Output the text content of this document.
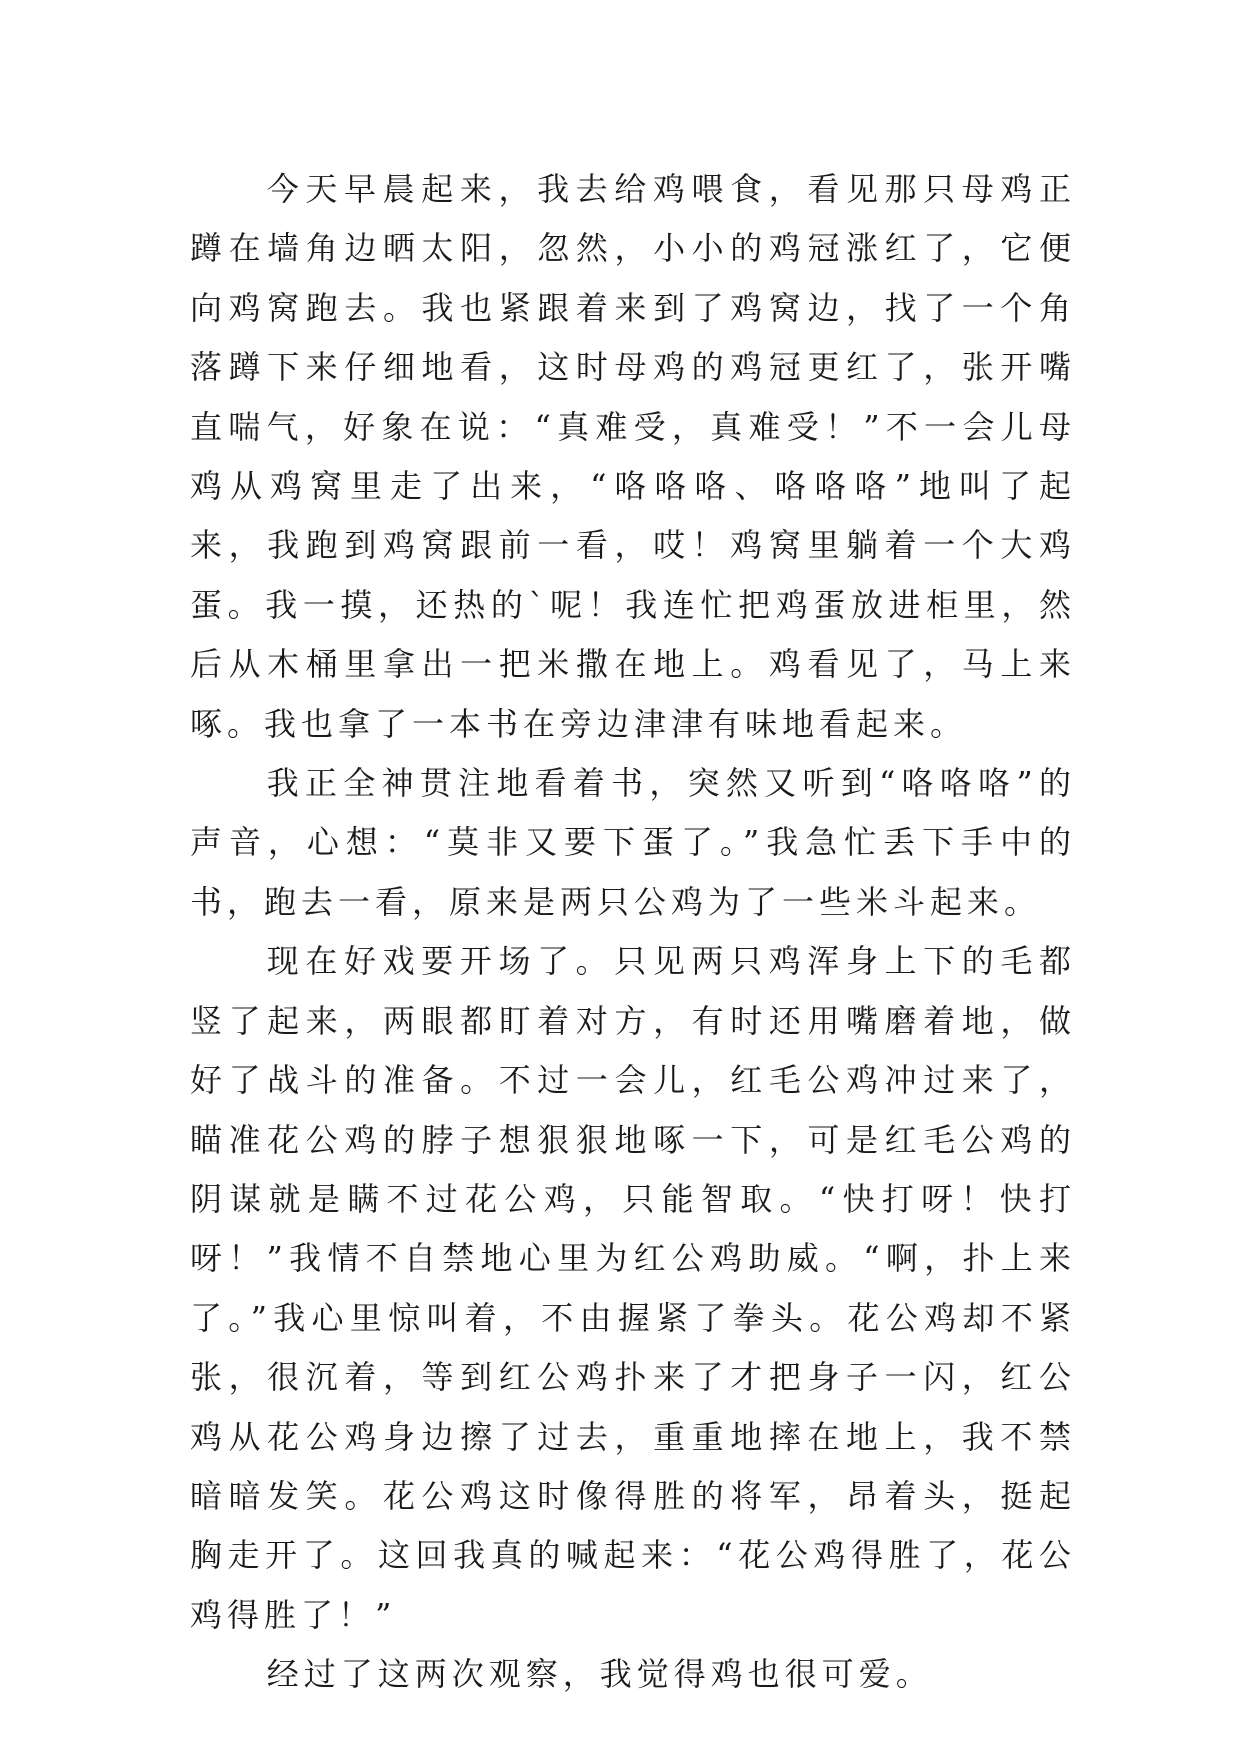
今天早晨起来，我去给鸡喂食，看见那只母鸡正蹲在墙角边晒太阳，忽然，小小的鸡冠涨红了，它便向鸡窝跑去。我也紧跟着来到了鸡窝边，找了一个角落蹲下来仔细地看，这时母鸡的鸡冠更红了，张开嘴直喘气，好象在说：“真难受，真难受！”不一会儿母鸡从鸡窝里走了出来，“咯咯咯、咯咯咯”地叫了起来，我跑到鸡窝跟前一看，哎！鸡窝里躺着一个大鸡蛋。我一摸，还热的`呢！我连忙把鸡蛋放进柜里，然后从木桶里拿出一把米撒在地上。鸡看见了，马上来啄。我也拿了一本书在旁边津津有味地看起来。

我正全神贯注地看着书，突然又听到“咯咯咯”的声音，心想：“莫非又要下蛋了。”我急忙丢下手中的书，跑去一看，原来是两只公鸡为了一些米斗起来。

现在好戏要开场了。只见两只鸡浑身上下的毛都竖了起来，两眼都盯着对方，有时还用嘴磨着地，做好了战斗的准备。不过一会儿，红毛公鸡冲过来了，瞄准花公鸡的脖子想狠狠地啄一下，可是红毛公鸡的阴谋就是瞒不过花公鸡，只能智取。“快打呀！快打呀！”我情不自禁地心里为红公鸡助威。“啊，扑上来了。”我心里惊叫着，不由握紧了拳头。花公鸡却不紧张，很沉着，等到红公鸡扑来了才把身子一闪，红公鸡从花公鸡身边擦了过去，重重地摔在地上，我不禁暗暗发笑。花公鸡这时像得胜的将军，昂着头，挺起胸走开了。这回我真的喊起来：“花公鸡得胜了，花公鸡得胜了！”

经过了这两次观察，我觉得鸡也很可爱。
